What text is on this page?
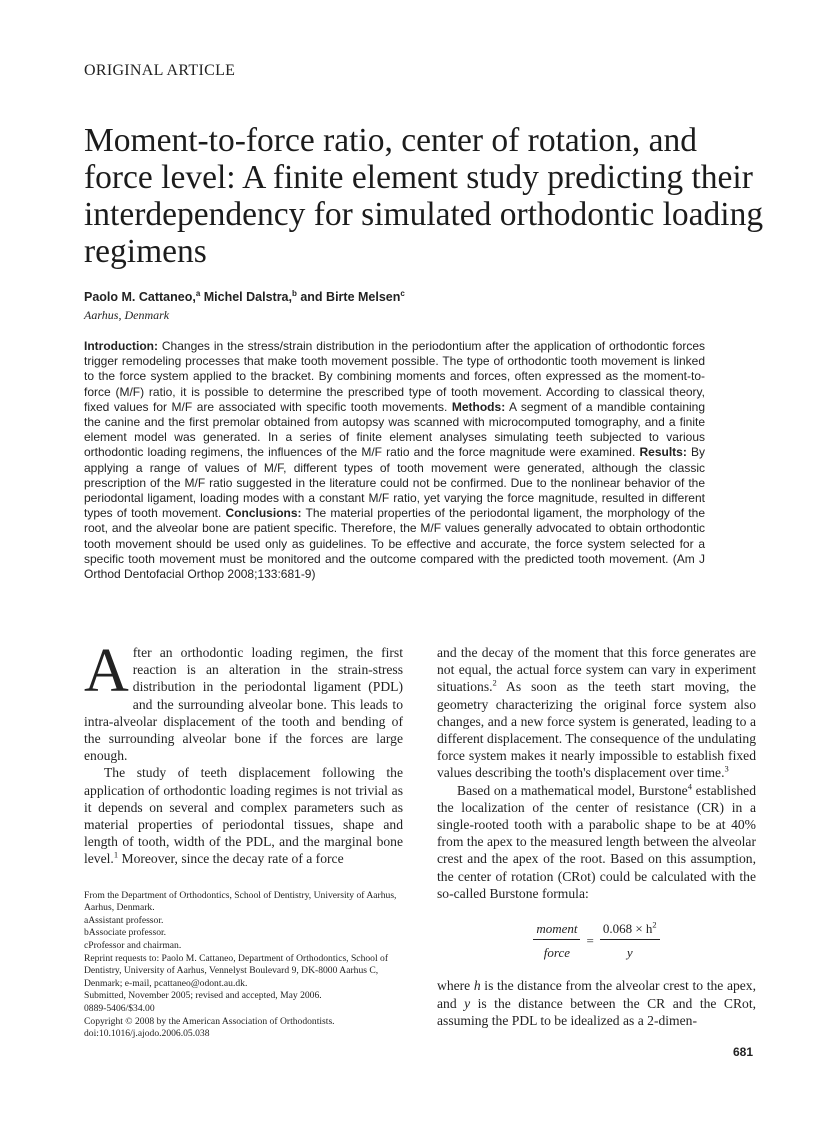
ORIGINAL ARTICLE
Moment-to-force ratio, center of rotation, and force level: A finite element study predicting their interdependency for simulated orthodontic loading regimens
Paolo M. Cattaneo,$^a$ Michel Dalstra,$^b$ and Birte Melsen$^c$
Aarhus, Denmark

Introduction: Changes in the stress/strain distribution in the periodontium after the application of orthodontic forces trigger remodeling processes that make tooth movement possible. The type of orthodontic tooth movement is linked to the force system applied to the bracket. By combining moments and forces, often expressed as the moment-to-force (M/F) ratio, it is possible to determine the prescribed type of tooth movement. According to classical theory, fixed values for M/F are associated with specific tooth movements. Methods: A segment of a mandible containing the canine and the first premolar obtained from autopsy was scanned with microcomputed tomography, and a finite element model was generated. In a series of finite element analyses simulating teeth subjected to various orthodontic loading regimens, the influences of the M/F ratio and the force magnitude were examined. Results: By applying a range of values of M/F, different types of tooth movement were generated, although the classic prescription of the M/F ratio suggested in the literature could not be confirmed. Due to the nonlinear behavior of the periodontal ligament, loading modes with a constant M/F ratio, yet varying the force magnitude, resulted in different types of tooth movement. Conclusions: The material properties of the periodontal ligament, the morphology of the root, and the alveolar bone are patient specific. Therefore, the M/F values generally advocated to obtain orthodontic tooth movement should be used only as guidelines. To be effective and accurate, the force system selected for a specific tooth movement must be monitored and the outcome compared with the predicted tooth movement. (Am J Orthod Dentofacial Orthop 2008;133:681-9)

After an orthodontic loading regimen, the first reaction is an alteration in the strain-stress distribution in the periodontal ligament (PDL) and the surrounding alveolar bone. This leads to intra-alveolar displacement of the tooth and bending of the surrounding alveolar bone if the forces are large enough.

The study of teeth displacement following the application of orthodontic loading regimes is not trivial as it depends on several and complex parameters such as material properties of periodontal tissues, shape and length of tooth, width of the PDL, and the marginal bone level.$^1$ Moreover, since the decay rate of a force

From the Department of Orthodontics, School of Dentistry, University of Aarhus, Aarhus, Denmark.
aAssistant professor.
bAssociate professor.
cProfessor and chairman.
Reprint requests to: Paolo M. Cattaneo, Department of Orthodontics, School of Dentistry, University of Aarhus, Vennelyst Boulevard 9, DK-8000 Aarhus C, Denmark; e-mail, pcattaneo@odont.au.dk.
Submitted, November 2005; revised and accepted, May 2006.
0889-5406/$34.00
Copyright © 2008 by the American Association of Orthodontists.
doi:10.1016/j.ajodo.2006.05.038

and the decay of the moment that this force generates are not equal, the actual force system can vary in experiment situations.$^2$ As soon as the teeth start moving, the geometry characterizing the original force system also changes, and a new force system is generated, leading to a different displacement. The consequence of the undulating force system makes it nearly impossible to establish fixed values describing the tooth's displacement over time.$^3$

Based on a mathematical model, Burstone$^4$ established the localization of the center of resistance (CR) in a single-rooted tooth with a parabolic shape to be at 40% from the apex to the measured length between the alveolar crest and the apex of the root. Based on this assumption, the center of rotation (CRot) could be calculated with the so-called Burstone formula:

$\frac{\text{moment}}{\text{force}} = \frac{0.068 \times h^2}{y}$

where h is the distance from the alveolar crest to the apex, and y is the distance between the CR and the CRot, assuming the PDL to be idealized as a 2-dimen-

681
